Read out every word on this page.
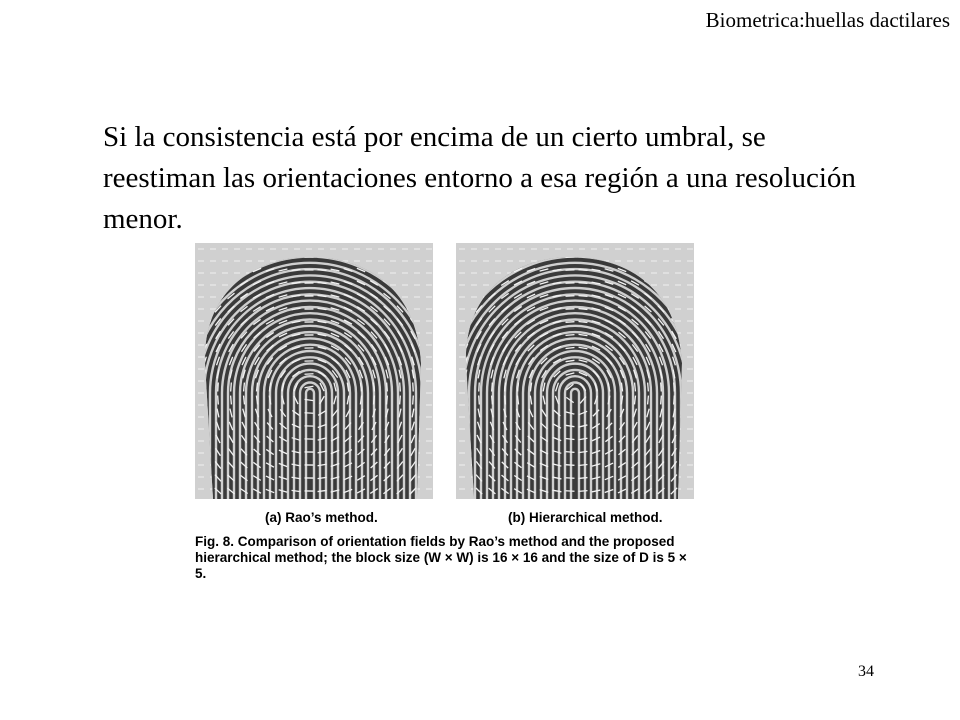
Biometrica:huellas dactilares

Si la consistencia está por encima de un cierto umbral, se reestiman las orientaciones entorno a esa región a una resolución menor.

(a) Rao’s method.	(b) Hierarchical method.
Fig. 8. Comparison of orientation fields by Rao’s method and the proposed hierarchical method; the block size (W × W) is 16 × 16 and the size of D is 5 × 5.
34
